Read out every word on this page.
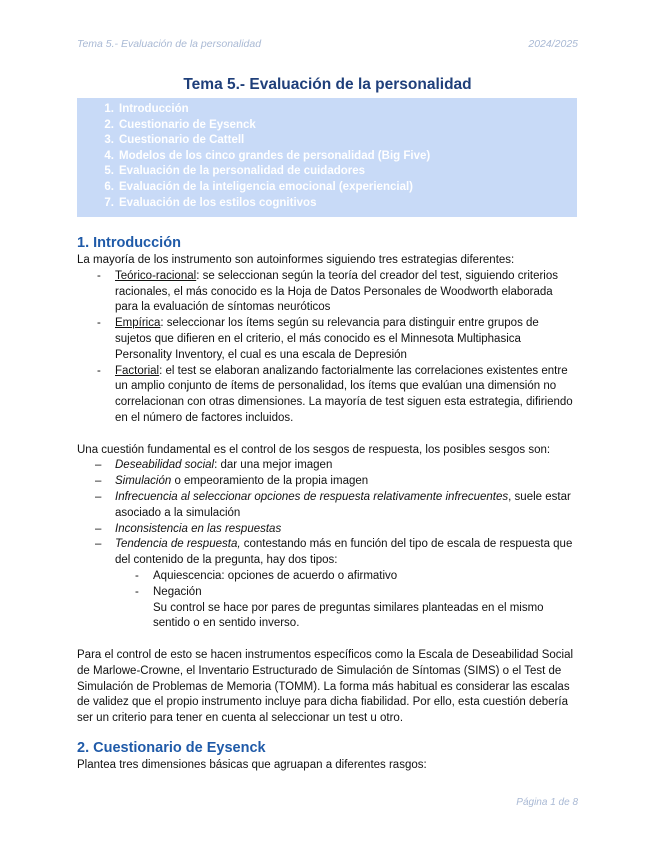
Tema 5.- Evaluación de la personalidad	2024/2025
Tema 5.- Evaluación de la personalidad
1. Introducción
2. Cuestionario de Eysenck
3. Cuestionario de Cattell
4. Modelos de los cinco grandes de personalidad (Big Five)
5. Evaluación de la personalidad de cuidadores
6. Evaluación de la inteligencia emocional (experiencial)
7. Evaluación de los estilos cognitivos
1. Introducción

La mayoría de los instrumento son autoinformes siguiendo tres estrategias diferentes:

- Teórico-racional: se seleccionan según la teoría del creador del test, siguiendo criterios racionales, el más conocido es la Hoja de Datos Personales de Woodworth elaborada para la evaluación de síntomas neuróticos
- Empírica: seleccionar los ítems según su relevancia para distinguir entre grupos de sujetos que difieren en el criterio, el más conocido es el Minnesota Multiphasica Personality Inventory, el cual es una escala de Depresión
- Factorial: el test se elaboran analizando factorialmente las correlaciones existentes entre un amplio conjunto de ítems de personalidad, los ítems que evalúan una dimensión no correlacionan con otras dimensiones. La mayoría de test siguen esta estrategia, difiriendo en el número de factores incluidos.

Una cuestión fundamental es el control de los sesgos de respuesta, los posibles sesgos son:

– Deseabilidad social: dar una mejor imagen
– Simulación o empeoramiento de la propia imagen
– Infrecuencia al seleccionar opciones de respuesta relativamente infrecuentes, suele estar asociado a la simulación
– Inconsistencia en las respuestas
– Tendencia de respuesta, contestando más en función del tipo de escala de respuesta que del contenido de la pregunta, hay dos tipos:
- Aquiescencia: opciones de acuerdo o afirmativo
- Negación
Su control se hace por pares de preguntas similares planteadas en el mismo sentido o en sentido inverso.

Para el control de esto se hacen instrumentos específicos como la Escala de Deseabilidad Social de Marlowe-Crowne, el Inventario Estructurado de Simulación de Síntomas (SIMS) o el Test de Simulación de Problemas de Memoria (TOMM). La forma más habitual es considerar las escalas de validez que el propio instrumento incluye para dicha fiabilidad. Por ello, esta cuestión debería ser un criterio para tener en cuenta al seleccionar un test u otro.

2. Cuestionario de Eysenck

Plantea tres dimensiones básicas que agruapan a diferentes rasgos:

Página 1 de 8
